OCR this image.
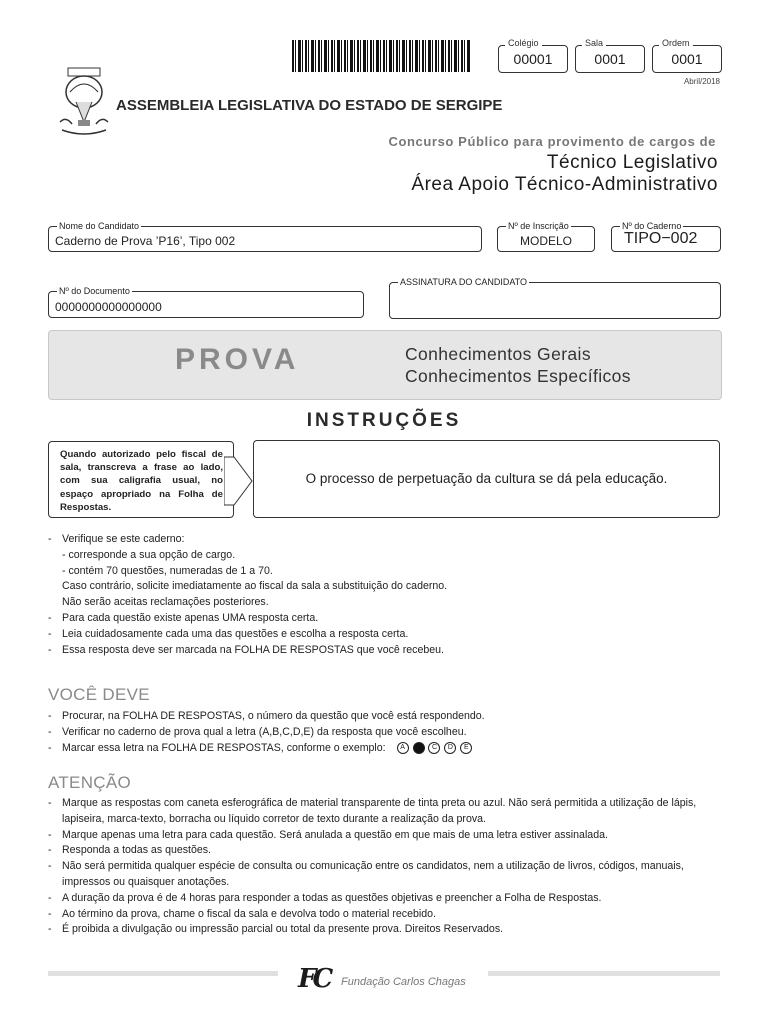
Colégio
00001
Sala
0001
Ordem
0001
Abril/2018
ASSEMBLEIA LEGISLATIVA DO ESTADO DE SERGIPE
Concurso Público para provimento de cargos de
Técnico Legislativo
Área Apoio Técnico-Administrativo
Nome do Candidato
Caderno de Prova ’P16’, Tipo 002
Nº de Inscrição
MODELO
Nº do Caderno
TIPO−002
Nº do Documento
0000000000000000
ASSINATURA DO CANDIDATO
PROVA	Conhecimentos Gerais
Conhecimentos Específicos
INSTRUÇÕES
Quando autorizado pelo fiscal de sala, transcreva a frase ao lado, com sua caligrafia usual, no espaço apropriado na Folha de Respostas.
O processo de perpetuação da cultura se dá pela educação.
- Verifique se este caderno:
- corresponde a sua opção de cargo.
- contém 70 questões, numeradas de 1 a 70.
Caso contrário, solicite imediatamente ao fiscal da sala a substituição do caderno.
Não serão aceitas reclamações posteriores.
- Para cada questão existe apenas UMA resposta certa.
- Leia cuidadosamente cada uma das questões e escolha a resposta certa.
- Essa resposta deve ser marcada na FOLHA DE RESPOSTAS que você recebeu.
VOCÊ DEVE
- Procurar, na FOLHA DE RESPOSTAS, o número da questão que você está respondendo.
- Verificar no caderno de prova qual a letra (A,B,C,D,E) da resposta que você escolheu.
- Marcar essa letra na FOLHA DE RESPOSTAS, conforme o exemplo: A	C D E
ATENÇÃO
- Marque as respostas com caneta esferográfica de material transparente de tinta preta ou azul. Não será permitida a utilização de lápis, lapiseira, marca-texto, borracha ou líquido corretor de texto durante a realização da prova.
- Marque apenas uma letra para cada questão. Será anulada a questão em que mais de uma letra estiver assinalada.
- Responda a todas as questões.
- Não será permitida qualquer espécie de consulta ou comunicação entre os candidatos, nem a utilização de livros, códigos, manuais, impressos ou quaisquer anotações.
- A duração da prova é de 4 horas para responder a todas as questões objetivas e preencher a Folha de Respostas.
- Ao término da prova, chame o fiscal da sala e devolva todo o material recebido.
- É proibida a divulgação ou impressão parcial ou total da presente prova. Direitos Reservados.
FC Fundação Carlos Chagas
